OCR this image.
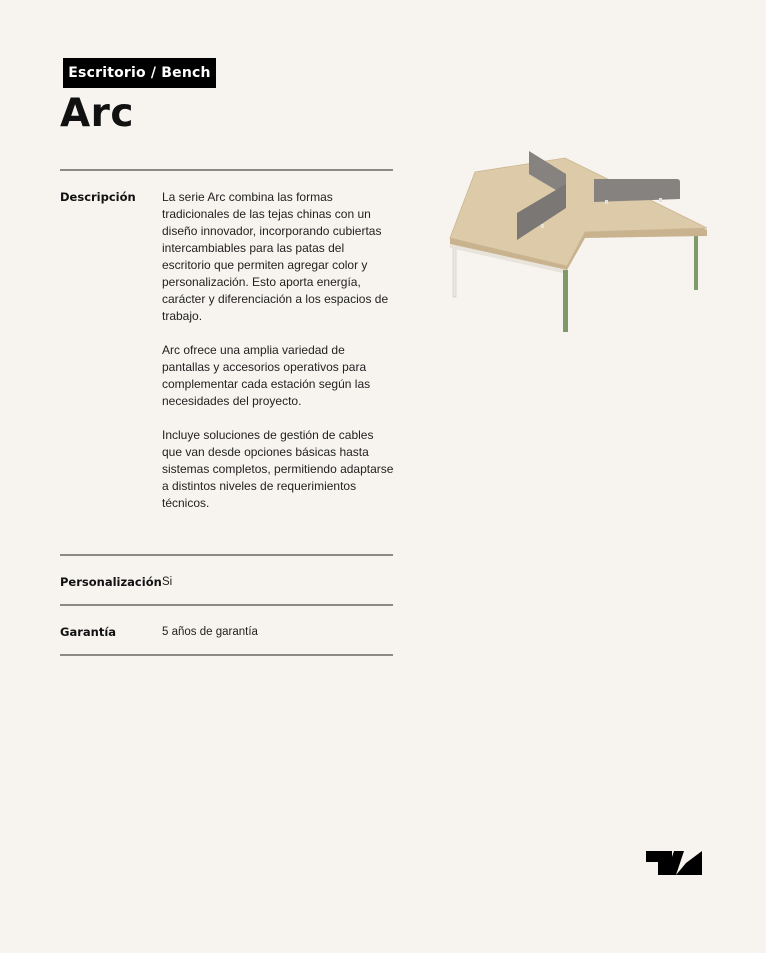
Escritorio / Bench
Arc
Descripción La serie Arc combina las formas tradicionales de las tejas chinas con un diseño innovador, incorporando cubiertas intercambiables para las patas del escritorio que permiten agregar color y personalización. Esto aporta energía, carácter y diferenciación a los espacios de trabajo.

Arc ofrece una amplia variedad de pantallas y accesorios operativos para complementar cada estación según las necesidades del proyecto.

Incluye soluciones de gestión de cables que van desde opciones básicas hasta sistemas completos, permitiendo adaptarse a distintos niveles de requerimientos técnicos.

Personalización Si
Garantía	5 años de garantía
